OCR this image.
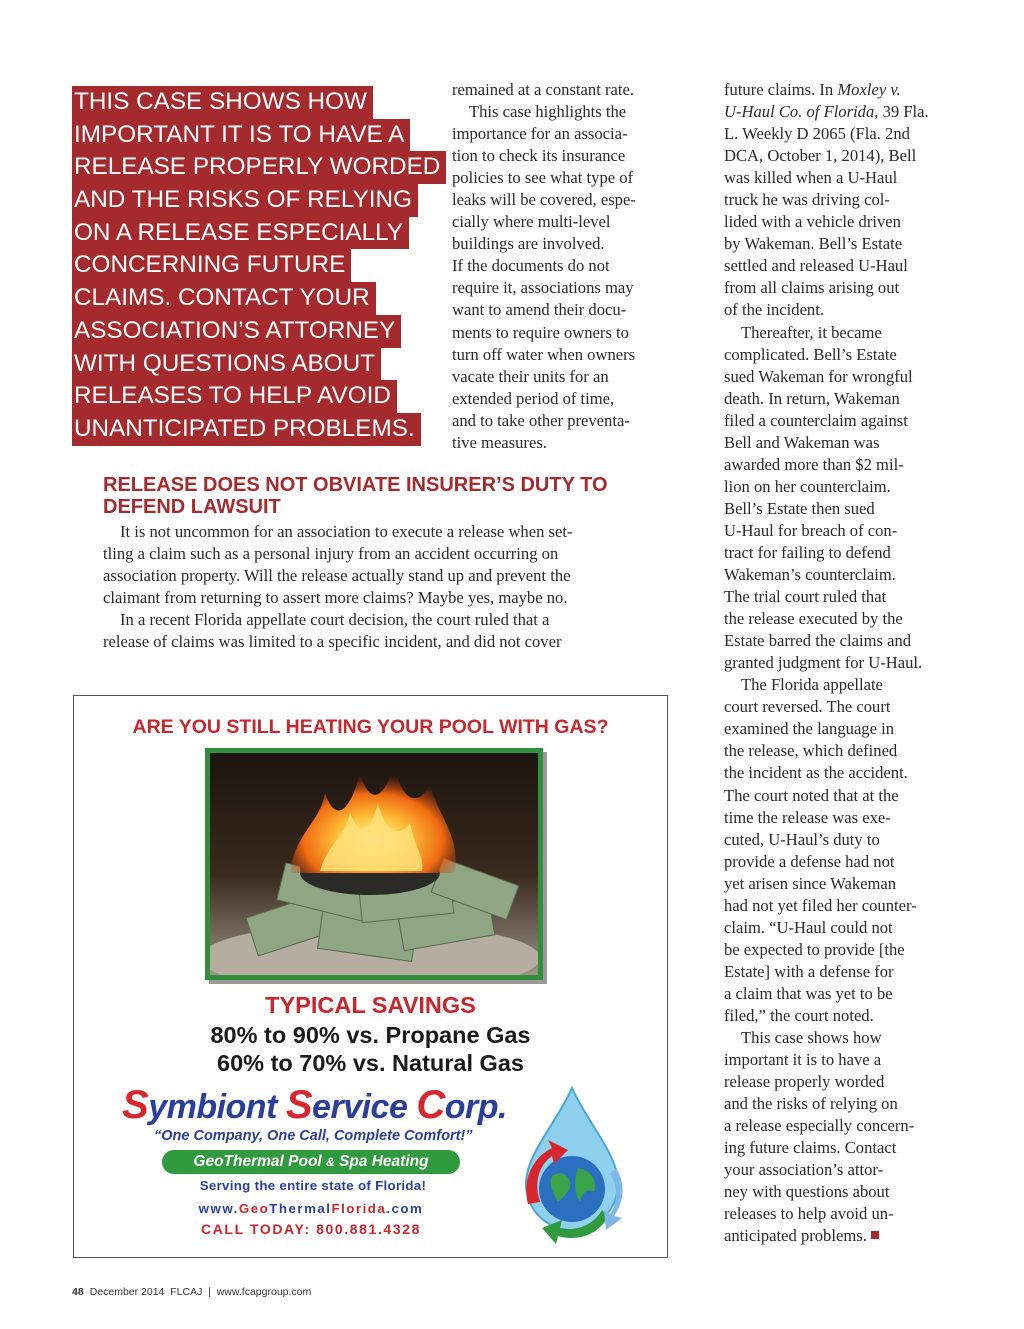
THIS CASE SHOWS HOW
IMPORTANT IT IS TO HAVE A
RELEASE PROPERLY WORDED
AND THE RISKS OF RELYING
ON A RELEASE ESPECIALLY
CONCERNING FUTURE
CLAIMS. CONTACT YOUR
ASSOCIATION’S ATTORNEY
WITH QUESTIONS ABOUT
RELEASES TO HELP AVOID
UNANTICIPATED PROBLEMS.

remained at a constant rate.

This case highlights the

importance for an associa-

tion to check its insurance

policies to see what type of

leaks will be covered, espe-

cially where multi-level

buildings are involved.

If the documents do not

require it, associations may

want to amend their docu-

ments to require owners to

turn off water when owners

vacate their units for an

extended period of time,

and to take other preventa-

tive measures.

future claims. In Moxley v.

U-Haul Co. of Florida, 39 Fla.

L. Weekly D 2065 (Fla. 2nd

DCA, October 1, 2014), Bell

was killed when a U-Haul

truck he was driving col-

lided with a vehicle driven

by Wakeman. Bell’s Estate

settled and released U-Haul

from all claims arising out

of the incident.

Thereafter, it became

complicated. Bell’s Estate

sued Wakeman for wrongful

death. In return, Wakeman

filed a counterclaim against

Bell and Wakeman was

awarded more than $2 mil-

lion on her counterclaim.

Bell’s Estate then sued

U-Haul for breach of con-

tract for failing to defend

Wakeman’s counterclaim.

The trial court ruled that

the release executed by the

Estate barred the claims and

granted judgment for U-Haul.

The Florida appellate

court reversed. The court

examined the language in

the release, which defined

the incident as the accident.

The court noted that at the

time the release was exe-

cuted, U-Haul’s duty to

provide a defense had not

yet arisen since Wakeman

had not yet filed her counter-

claim. “U-Haul could not

be expected to provide [the

Estate] with a defense for

a claim that was yet to be

filed,” the court noted.

This case shows how

important it is to have a

release properly worded

and the risks of relying on

a release especially concern-

ing future claims. Contact

your association’s attor-

ney with questions about

releases to help avoid un-

anticipated problems.

RELEASE DOES NOT OBVIATE INSURER’S DUTY TO
DEFEND LAWSUIT

It is not uncommon for an association to execute a release when set-

tling a claim such as a personal injury from an accident occurring on

association property. Will the release actually stand up and prevent the

claimant from returning to assert more claims? Maybe yes, maybe no.

In a recent Florida appellate court decision, the court ruled that a

release of claims was limited to a specific incident, and did not cover

ARE YOU STILL HEATING YOUR POOL WITH GAS?
TYPICAL SAVINGS
80% to 90% vs. Propane Gas
60% to 70% vs. Natural Gas
Symbiont Service Corp.
“One Company, One Call, Complete Comfort!”
GeoThermal Pool & Spa Heating
Serving the entire state of Florida!
www.GeoThermalFlorida.com
CALL TODAY: 800.881.4328
48 December 2014  FLCAJ  |  www.fcapgroup.com
